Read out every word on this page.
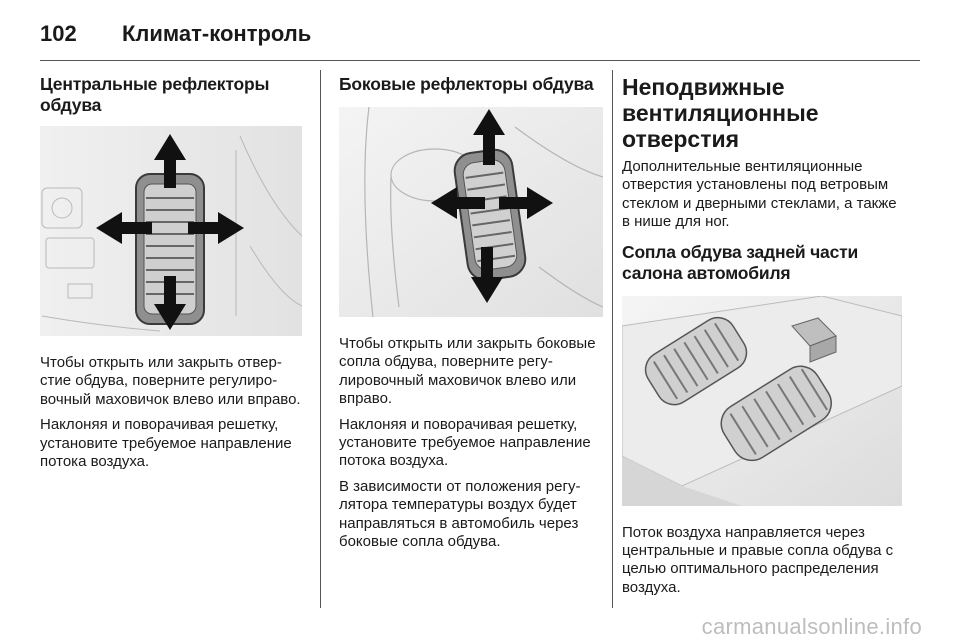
102	Климат-контроль
Центральные рефлекторы обдува

Чтобы открыть или закрыть отверстие обдува, поверните регулировочный маховичок влево или вправо.

Наклоняя и поворачивая решетку, установите требуемое направление потока воздуха.

Боковые рефлекторы обдува

Чтобы открыть или закрыть боковые сопла обдува, поверните регулировочный маховичок влево или вправо.

Наклоняя и поворачивая решетку, установите требуемое направление потока воздуха.

В зависимости от положения регулятора температуры воздух будет направляться в автомобиль через боковые сопла обдува.

Неподвижные вентиляционные отверстия

Дополнительные вентиляционные отверстия установлены под ветровым стеклом и дверными стеклами, а также в нише для ног.

Сопла обдува задней части салона автомобиля

Поток воздуха направляется через центральные и правые сопла обдува с целью оптимального распределения воздуха.

carmanualsonline.info
